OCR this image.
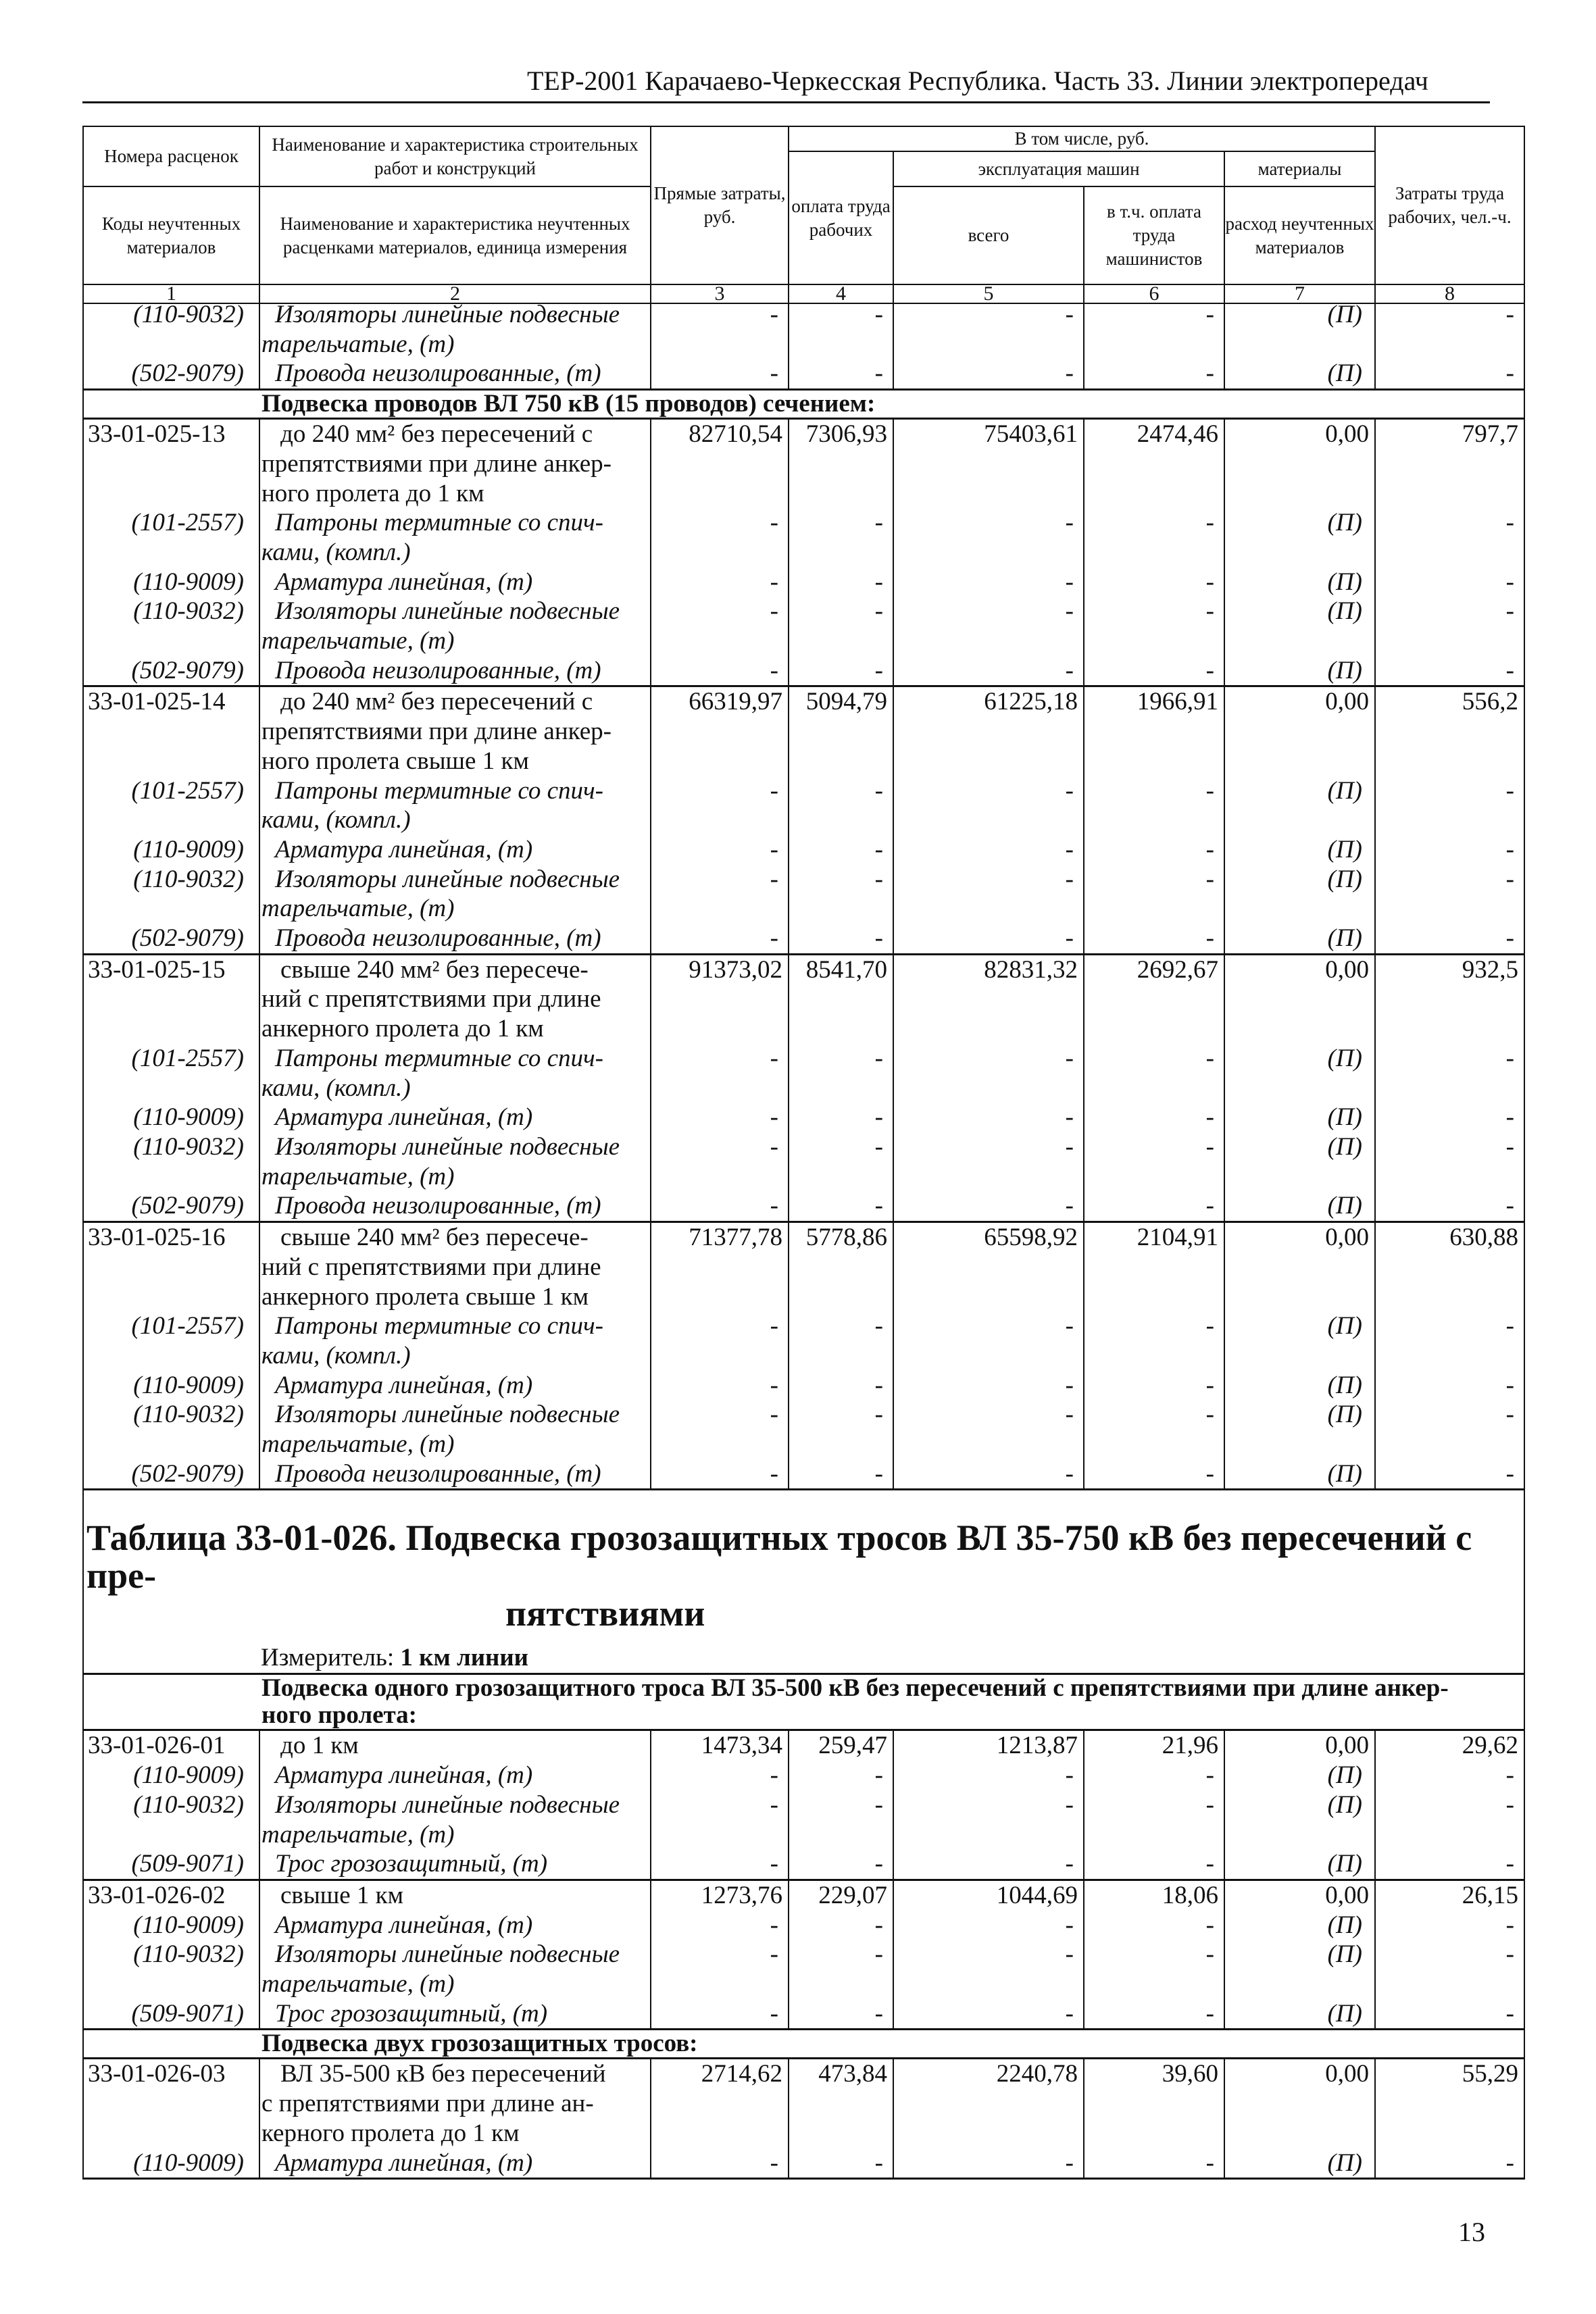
ТЕР-2001 Карачаево-Черкесская Республика. Часть 33. Линии электропередач
Номера расценок	Наименование и характеристика строительных работ и конструкций	Прямые затраты, руб.	В том числе, руб.				Затраты труда рабочих, чел.-ч.
			оплата труда рабочих	эксплуатация машин		материалы	
Коды неучтенных материалов	Наименование и характеристика неучтенных расценками материалов, единица измерения			всего	в т.ч. оплата труда машинистов	расход неучтенных материалов	
1	2	3	4	5	6	7	8
(110-9032)	Изоляторы линейные подвесные
тарельчатые, (т)	-	-	-	-	(П)	-
(502-9079)	Провода неизолированные, (т)	-	-	-	-	(П)	-
Подвеска проводов ВЛ 750 кВ (15 проводов) сечением:							
33-01-025-13	до 240 мм² без пересечений с
препятствиями при длине анкер-
ного пролета до 1 км	82710,54	7306,93	75403,61	2474,46	0,00	797,7
(101-2557)	Патроны термитные со спич-
ками, (компл.)	-	-	-	-	(П)	-
(110-9009)	Арматура линейная, (т)	-	-	-	-	(П)	-
(110-9032)	Изоляторы линейные подвесные
тарельчатые, (т)	-	-	-	-	(П)	-
(502-9079)	Провода неизолированные, (т)	-	-	-	-	(П)	-
33-01-025-14	до 240 мм² без пересечений с
препятствиями при длине анкер-
ного пролета свыше 1 км	66319,97	5094,79	61225,18	1966,91	0,00	556,2
(101-2557)	Патроны термитные со спич-
ками, (компл.)	-	-	-	-	(П)	-
(110-9009)	Арматура линейная, (т)	-	-	-	-	(П)	-
(110-9032)	Изоляторы линейные подвесные
тарельчатые, (т)	-	-	-	-	(П)	-
(502-9079)	Провода неизолированные, (т)	-	-	-	-	(П)	-
33-01-025-15	свыше 240 мм² без пересече-
ний с препятствиями при длине
анкерного пролета до 1 км	91373,02	8541,70	82831,32	2692,67	0,00	932,5
(101-2557)	Патроны термитные со спич-
ками, (компл.)	-	-	-	-	(П)	-
(110-9009)	Арматура линейная, (т)	-	-	-	-	(П)	-
(110-9032)	Изоляторы линейные подвесные
тарельчатые, (т)	-	-	-	-	(П)	-
(502-9079)	Провода неизолированные, (т)	-	-	-	-	(П)	-
33-01-025-16	свыше 240 мм² без пересече-
ний с препятствиями при длине
анкерного пролета свыше 1 км	71377,78	5778,86	65598,92	2104,91	0,00	630,88
(101-2557)	Патроны термитные со спич-
ками, (компл.)	-	-	-	-	(П)	-
(110-9009)	Арматура линейная, (т)	-	-	-	-	(П)	-
(110-9032)	Изоляторы линейные подвесные
тарельчатые, (т)	-	-	-	-	(П)	-
(502-9079)	Провода неизолированные, (т)	-	-	-	-	(П)	-

Таблица 33-01-026. Подвеска грозозащитных тросов ВЛ 35-750 кВ без пересечений с пре-
пятствиями
Измеритель: 1 км линии							

Подвеска одного грозозащитного троса ВЛ 35-500 кВ без пересечений с препятствиями при длине анкер-
ного пролета:							
33-01-026-01	до 1 км	1473,34	259,47	1213,87	21,96	0,00	29,62
(110-9009)	Арматура линейная, (т)	-	-	-	-	(П)	-
(110-9032)	Изоляторы линейные подвесные
тарельчатые, (т)	-	-	-	-	(П)	-
(509-9071)	Трос грозозащитный, (т)	-	-	-	-	(П)	-
33-01-026-02	свыше 1 км	1273,76	229,07	1044,69	18,06	0,00	26,15
(110-9009)	Арматура линейная, (т)	-	-	-	-	(П)	-
(110-9032)	Изоляторы линейные подвесные
тарельчатые, (т)	-	-	-	-	(П)	-
(509-9071)	Трос грозозащитный, (т)	-	-	-	-	(П)	-
Подвеска двух грозозащитных тросов:							
33-01-026-03	ВЛ 35-500 кВ без пересечений
с препятствиями при длине ан-
керного пролета до 1 км	2714,62	473,84	2240,78	39,60	0,00	55,29
(110-9009)	Арматура линейная, (т)	-	-	-	-	(П)	-
13
